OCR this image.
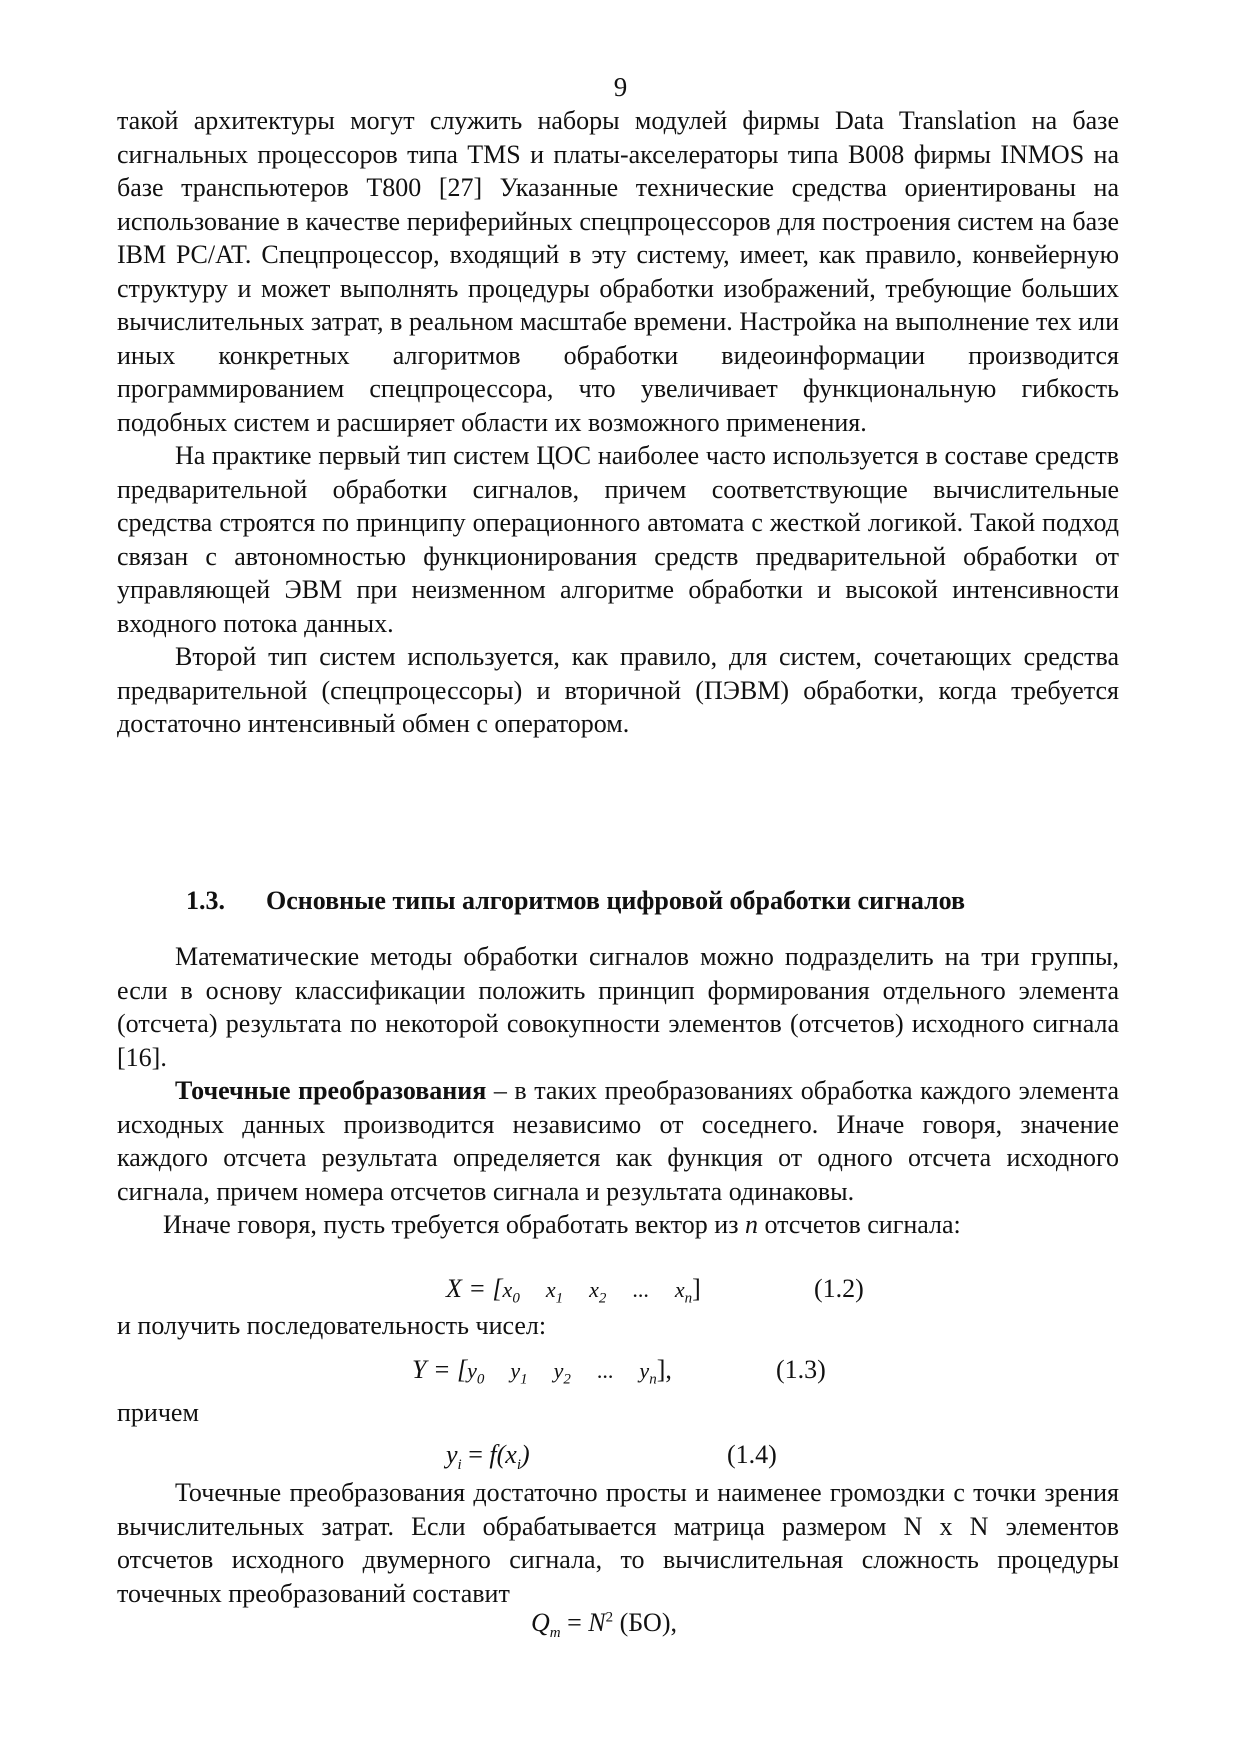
9

такой архитектуры могут служить наборы модулей фирмы Data Translation на базе сигнальных процессоров типа TMS и платы-акселераторы типа B008 фирмы INMOS на базе транспьютеров Т800 [27] Указанные технические средства ориентированы на использование в качестве периферийных спецпроцессоров для построения систем на базе IBM PC/AT. Спецпроцессор, входящий в эту систему, имеет, как правило, конвейерную структуру и может выполнять процедуры обработки изображений, требующие больших вычислительных затрат, в реальном масштабе времени. Настройка на выполнение тех или иных конкретных алгоритмов обработки видеоинформации производится программированием спецпроцессора, что увеличивает функциональную гибкость подобных систем и расширяет области их возможного применения.

На практике первый тип систем ЦОС наиболее часто используется в составе средств предварительной обработки сигналов, причем соответствующие вычислительные средства строятся по принципу операционного автомата с жесткой логикой. Такой подход связан с автономностью функционирования средств предварительной обработки от управляющей ЭВМ при неизменном алгоритме обработки и высокой интенсивности входного потока данных.

Второй тип систем используется, как правило, для систем, сочетающих средства предварительной (спецпроцессоры) и вторичной (ПЭВМ) обработки, когда требуется достаточно интенсивный обмен с оператором.

1.3. Основные типы алгоритмов цифровой обработки сигналов

Математические методы обработки сигналов можно подразделить на три группы, если в основу классификации положить принцип формирования отдельного элемента (отсчета) результата по некоторой совокупности элементов (отсчетов) исходного сигнала [16].

Точечные преобразования – в таких преобразованиях обработка каждого элемента исходных данных производится независимо от соседнего. Иначе говоря, значение каждого отсчета результата определяется как функция от одного отсчета исходного сигнала, причем номера отсчетов сигнала и результата одинаковы.

Иначе говоря, пусть требуется обработать вектор из n отсчетов сигнала:

$X = [x_0$ $x_1$ $x_2$ ... $x_n$]	(1.2)
и получить последовательность чисел:
$Y = [y_0$ $y_1$ $y_2$ ... $y_n$],	(1.3)
причем
$y_i = f(x_i)$	(1.4)

Точечные преобразования достаточно просты и наименее громоздки с точки зрения вычислительных затрат. Если обрабатывается матрица размером N x N элементов отсчетов исходного двумерного сигнала, то вычислительная сложность процедуры точечных преобразований составит

$Q_m = N^2$ (БО),
